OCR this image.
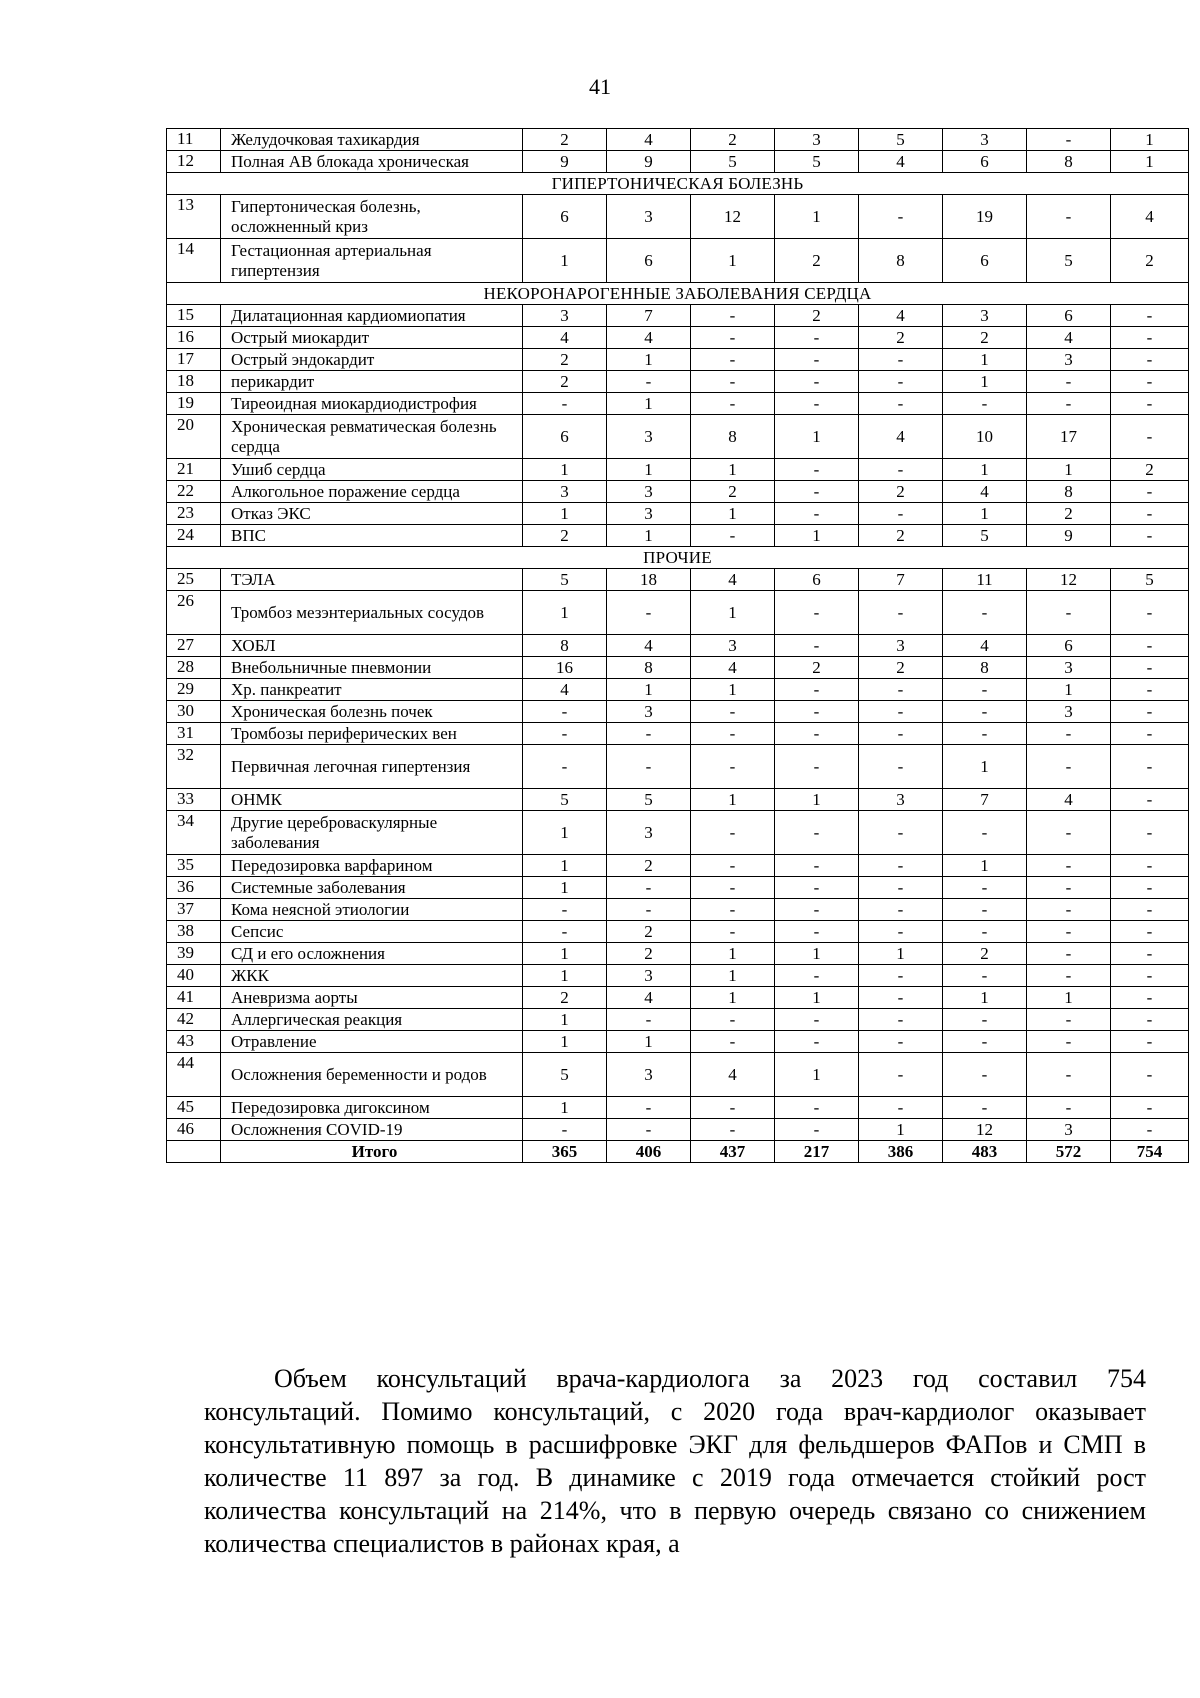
41
11	Желудочковая тахикардия	2	4	2	3	5	3	-	1
12	Полная АВ блокада хроническая	9	9	5	5	4	6	8	1
ГИПЕРТОНИЧЕСКАЯ БОЛЕЗНЬ									
13	Гипертоническая болезнь, осложненный криз	6	3	12	1	-	19	-	4
14	Гестационная артериальная гипертензия	1	6	1	2	8	6	5	2
НЕКОРОНАРОГЕННЫЕ ЗАБОЛЕВАНИЯ СЕРДЦА									
15	Дилатационная кардиомиопатия	3	7	-	2	4	3	6	-
16	Острый миокардит	4	4	-	-	2	2	4	-
17	Острый эндокардит	2	1	-	-	-	1	3	-
18	перикардит	2	-	-	-	-	1	-	-
19	Тиреоидная миокардиодистрофия	-	1	-	-	-	-	-	-
20	Хроническая ревматическая болезнь сердца	6	3	8	1	4	10	17	-
21	Ушиб сердца	1	1	1	-	-	1	1	2
22	Алкогольное поражение сердца	3	3	2	-	2	4	8	-
23	Отказ ЭКС	1	3	1	-	-	1	2	-
24	ВПС	2	1	-	1	2	5	9	-
ПРОЧИЕ									
25	ТЭЛА	5	18	4	6	7	11	12	5
26	Тромбоз мезэнтериальных сосудов	1	-	1	-	-	-	-	-
27	ХОБЛ	8	4	3	-	3	4	6	-
28	Внебольничные пневмонии	16	8	4	2	2	8	3	-
29	Хр. панкреатит	4	1	1	-	-	-	1	-
30	Хроническая болезнь почек	-	3	-	-	-	-	3	-
31	Тромбозы периферических вен	-	-	-	-	-	-	-	-
32	Первичная легочная гипертензия	-	-	-	-	-	1	-	-
33	ОНМК	5	5	1	1	3	7	4	-
34	Другие цереброваскулярные заболевания	1	3	-	-	-	-	-	-
35	Передозировка варфарином	1	2	-	-	-	1	-	-
36	Системные заболевания	1	-	-	-	-	-	-	-
37	Кома неясной этиологии	-	-	-	-	-	-	-	-
38	Сепсис	-	2	-	-	-	-	-	-
39	СД и его осложнения	1	2	1	1	1	2	-	-
40	ЖКК	1	3	1	-	-	-	-	-
41	Аневризма аорты	2	4	1	1	-	1	1	-
42	Аллергическая реакция	1	-	-	-	-	-	-	-
43	Отравление	1	1	-	-	-	-	-	-
44	Осложнения беременности и родов	5	3	4	1	-	-	-	-
45	Передозировка дигоксином	1	-	-	-	-	-	-	-
46	Осложнения COVID-19	-	-	-	-	1	12	3	-
	Итого	365	406	437	217	386	483	572	754

Объем консультаций врача-кардиолога за 2023 год составил 754 консультаций. Помимо консультаций, с 2020 года врач-кардиолог оказывает консультативную помощь в расшифровке ЭКГ для фельдшеров ФАПов и СМП в количестве 11 897 за год. В динамике с 2019 года отмечается стойкий рост количества консультаций на 214%, что в первую очередь связано со снижением количества специалистов в районах края, а
